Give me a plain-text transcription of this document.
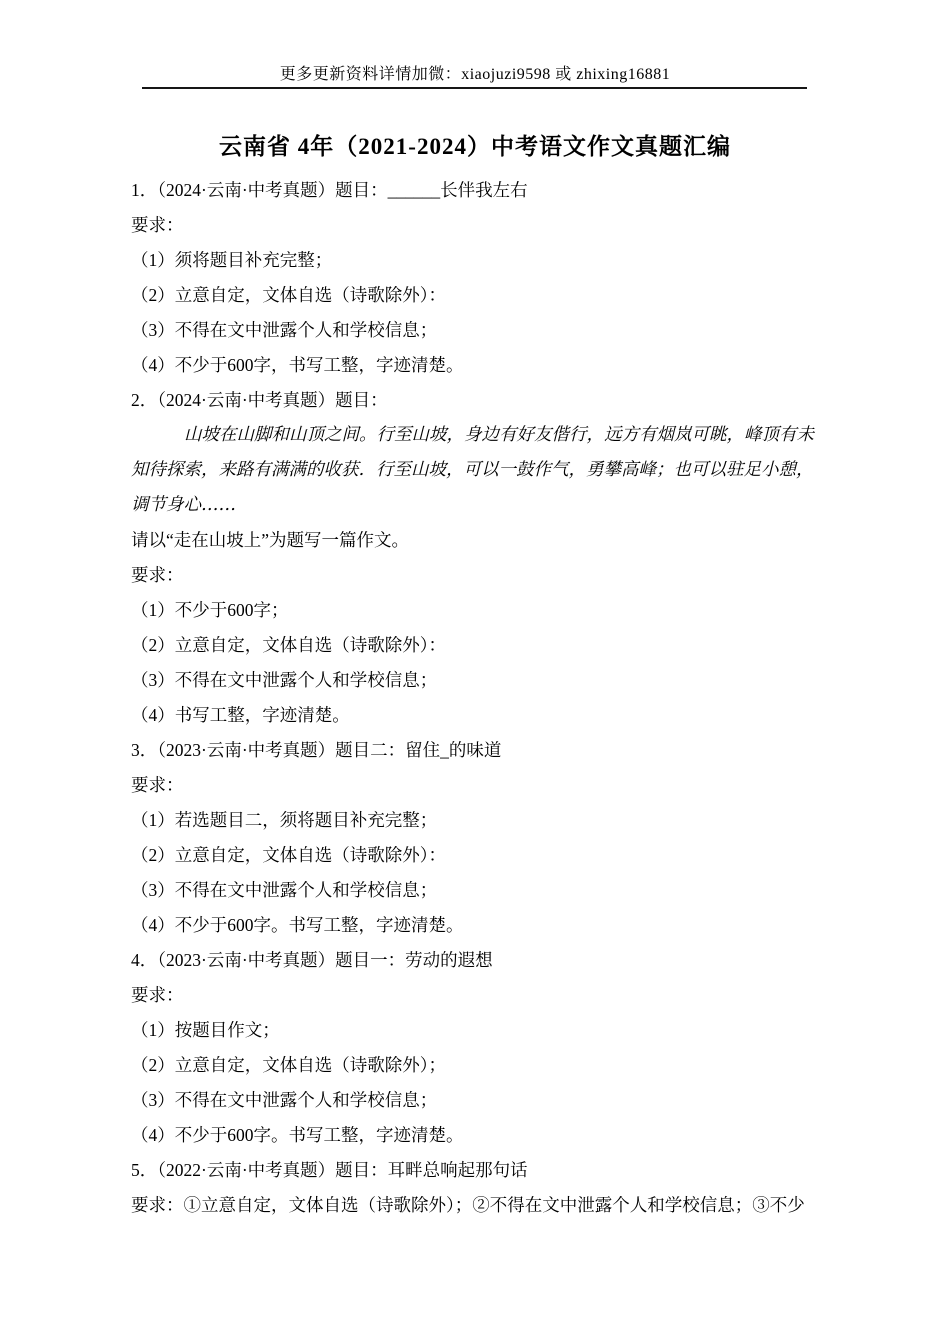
更多更新资料详情加微：xiaojuzi9598 或 zhixing16881
云南省 4年（2021-2024）中考语文作文真题汇编

1．（2024·云南·中考真题）题目：______长伴我左右

要求：

（1）须将题目补充完整；

（2）立意自定，文体自选（诗歌除外）：

（3）不得在文中泄露个人和学校信息；

（4）不少于600字，书写工整，字迹清楚。

2．（2024·云南·中考真题）题目：

山坡在山脚和山顶之间。行至山坡，身边有好友偕行，远方有烟岚可眺，峰顶有未

知待探索，来路有满满的收获．行至山坡，可以一鼓作气，勇攀高峰；也可以驻足小憩，

调节身心……

请以“走在山坡上”为题写一篇作文。

要求：

（1）不少于600字；

（2）立意自定，文体自选（诗歌除外）：

（3）不得在文中泄露个人和学校信息；

（4）书写工整，字迹清楚。

3．（2023·云南·中考真题）题目二：留住_的味道

要求：

（1）若选题目二，须将题目补充完整；

（2）立意自定，文体自选（诗歌除外）：

（3）不得在文中泄露个人和学校信息；

（4）不少于600字。书写工整，字迹清楚。

4．（2023·云南·中考真题）题目一：劳动的遐想

要求：

（1）按题目作文；

（2）立意自定，文体自选（诗歌除外）；

（3）不得在文中泄露个人和学校信息；

（4）不少于600字。书写工整，字迹清楚。

5．（2022·云南·中考真题）题目：耳畔总响起那句话

要求：①立意自定，文体自选（诗歌除外）；②不得在文中泄露个人和学校信息；③不少
